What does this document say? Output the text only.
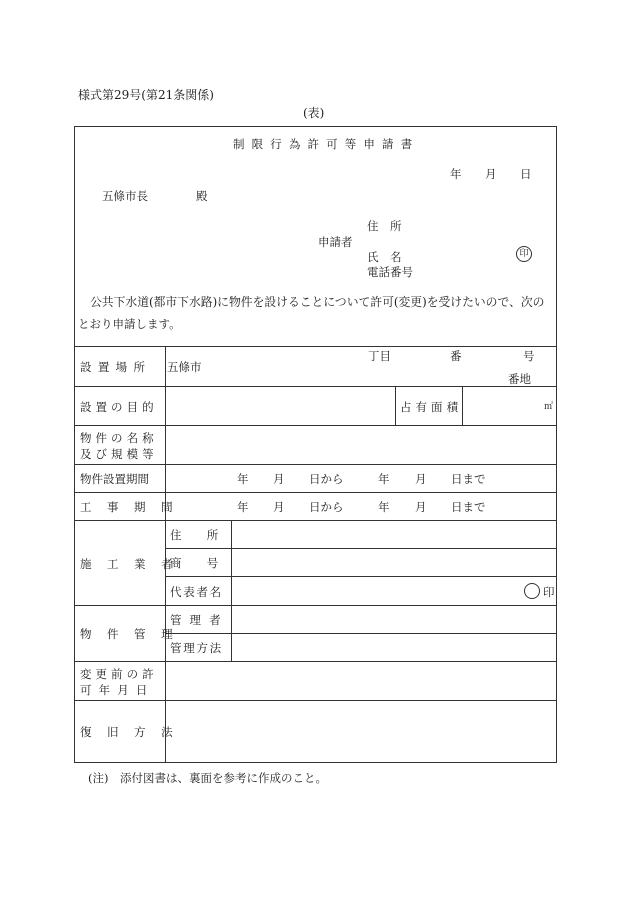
様式第29号(第21条関係)
(表)
制限行為許可等申請書
年 月 日
五條市長	殿
住　所
申請者
氏　名	印
電話番号
公共下水道(都市下水路)に物件を設けることについて許可(変更)を受けたいので、次の
とおり申請します。
設置場所 五條市
丁目	番	号
番地
設置の目的	占有面積	㎡
物件の名称
及び規模等
物件設置期間	年 月 日から	年 月 日まで
工事期間	年 月 日から	年 月 日まで
施工業者
住所
商号
代表者名	印
物件管理
管理者
管理方法
変更前の許
可年月日
復旧方法
(注)　添付図書は、裏面を参考に作成のこと。
